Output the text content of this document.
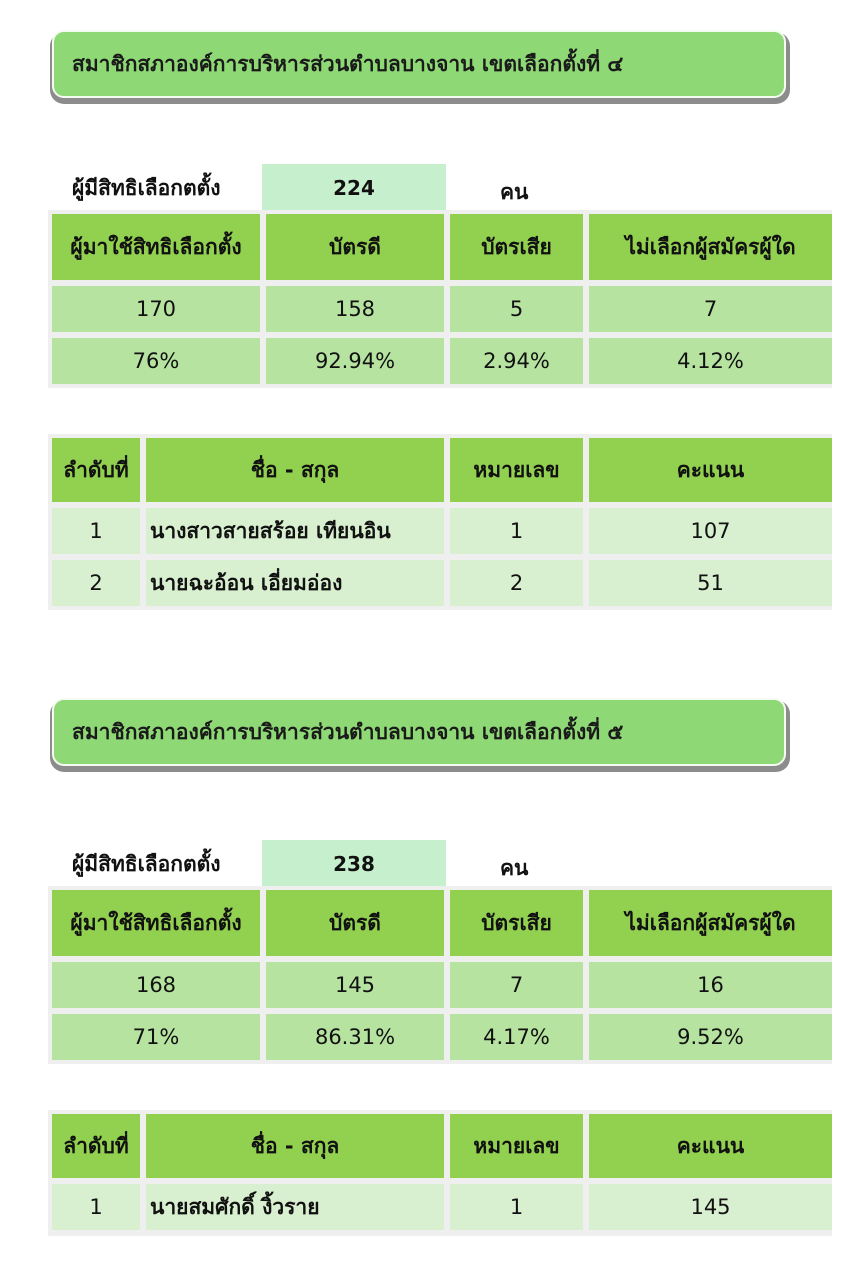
สมาชิกสภาองค์การบริหารส่วนตำบลบางจาน เขตเลือกตั้งที่ ๔
ผู้มีสิทธิเลือกตตั้ง	224	คน
ผู้มาใช้สิทธิเลือกตั้ง	บัตรดี	บัตรเสีย	ไม่เลือกผู้สมัครผู้ใด
170	158	5	7
76%	92.94%	2.94%	4.12%
ลำดับที่	ชื่อ - สกุล	หมายเลข	คะแนน
1	นางสาวสายสร้อย เทียนอิน	1	107
2	นายฉะอ้อน เอี่ยมอ่อง	2	51
สมาชิกสภาองค์การบริหารส่วนตำบลบางจาน เขตเลือกตั้งที่ ๕
ผู้มีสิทธิเลือกตตั้ง	238	คน
ผู้มาใช้สิทธิเลือกตั้ง	บัตรดี	บัตรเสีย	ไม่เลือกผู้สมัครผู้ใด
168	145	7	16
71%	86.31%	4.17%	9.52%
ลำดับที่	ชื่อ - สกุล	หมายเลข	คะแนน
1	นายสมศักดิ์ งิ้วราย	1	145
